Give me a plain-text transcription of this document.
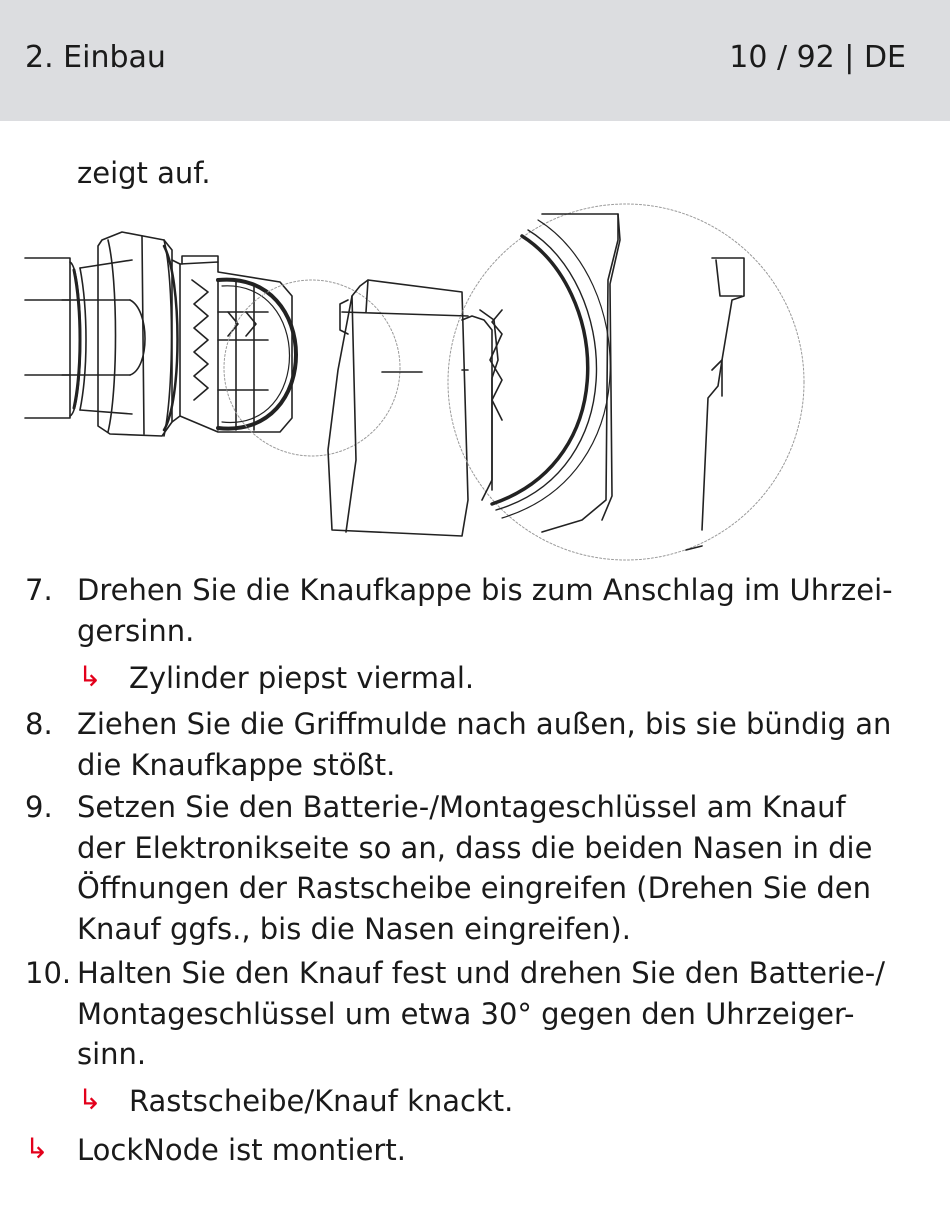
2. Einbau	10 / 92 | DE
zeigt auf.
7. Drehen Sie die Knaufkappe bis zum Anschlag im Uhrzei-
gersinn.
↳ Zylinder piepst viermal.
8. Ziehen Sie die Griffmulde nach außen, bis sie bündig an
die Knaufkappe stößt.
9. Setzen Sie den Batterie-/Montageschlüssel am Knauf
der Elektronikseite so an, dass die beiden Nasen in die
Öffnungen der Rastscheibe eingreifen (Drehen Sie den
Knauf ggfs., bis die Nasen eingreifen).
10. Halten Sie den Knauf fest und drehen Sie den Batterie-/
Montageschlüssel um etwa 30° gegen den Uhrzeiger-
sinn.
↳ Rastscheibe/Knauf knackt.
↳ LockNode ist montiert.
